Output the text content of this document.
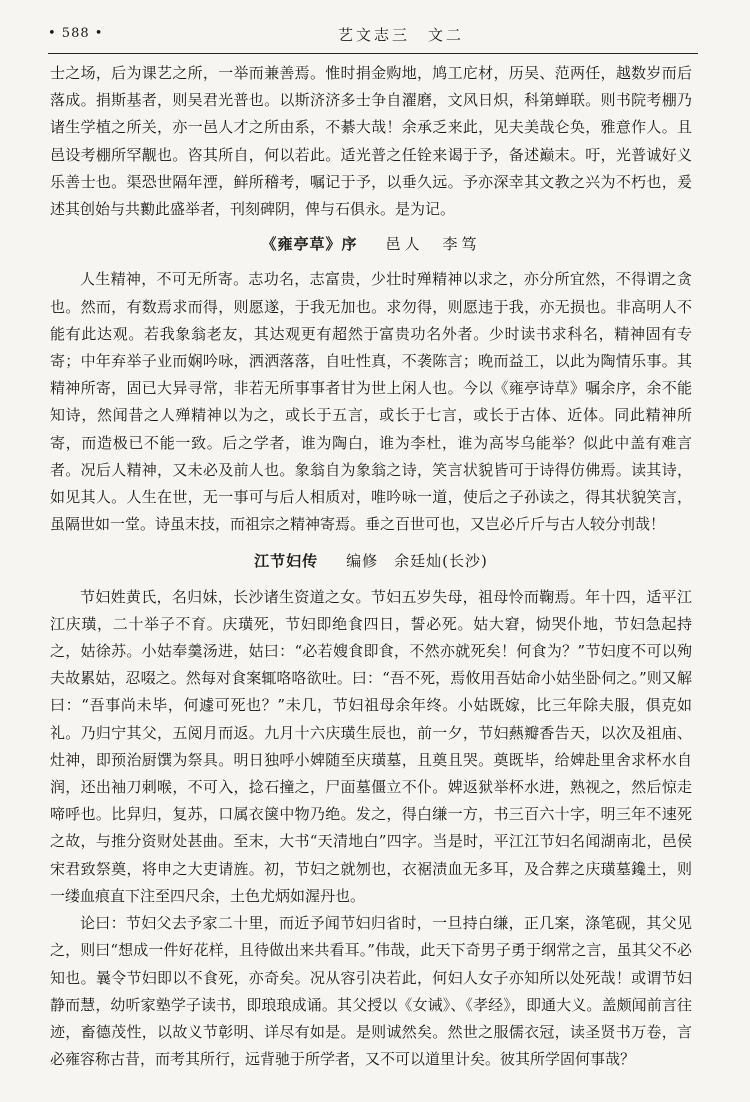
• 588 •	艺文志三　文二

士之场，后为课艺之所，一举而兼善焉。惟时捐金购地，鸠工庀材，历吴、范两任，越数岁而后落成。捐斯基者，则吴君光普也。以斯济济多士争自濯磨，文风日炽，科第蝉联。则书院考棚乃诸生学植之所关，亦一邑人才之所由系，不綦大哉！余承乏来此，见夫美哉仑奂，雅意作人。且邑设考棚所罕觏也。咨其所自，何以若此。适光普之任铨来谒于予，备述巅末。吁，光普诚好义乐善士也。渠恐世隔年湮，鲜所稽考，嘱记于予，以垂久远。予亦深幸其文教之兴为不朽也，爰述其创始与共勷此盛举者，刊刻碑阴，俾与石俱永。是为记。

《雍亭草》序 邑人　李笃

人生精神，不可无所寄。志功名，志富贵，少壮时殚精神以求之，亦分所宜然，不得谓之贪也。然而，有数焉求而得，则愿遂，于我无加也。求勿得，则愿违于我，亦无损也。非高明人不能有此达观。若我象翁老友，其达观更有超然于富贵功名外者。少时读书求科名，精神固有专寄；中年弃举子业而娴吟咏，洒洒落落，自吐性真，不袭陈言；晚而益工，以此为陶情乐事。其精神所寄，固已大异寻常，非若无所事事者甘为世上闲人也。今以《雍亭诗草》嘱余序，余不能知诗，然闻昔之人殚精神以为之，或长于五言，或长于七言，或长于古体、近体。同此精神所寄，而造极已不能一致。后之学者，谁为陶白，谁为李杜，谁为高岑乌能举？似此中盖有难言者。况后人精神，又未必及前人也。象翁自为象翁之诗，笑言状貌皆可于诗得仿佛焉。读其诗，如见其人。人生在世，无一事可与后人相质对，唯吟咏一道，使后之子孙读之，得其状貌笑言，虽隔世如一堂。诗虽末技，而祖宗之精神寄焉。垂之百世可也，又岂必斤斤与古人较分刌哉！

江节妇传 编修　余廷灿(长沙)

节妇姓黄氏，名归妹，长沙诸生资道之女。节妇五岁失母，祖母怜而鞠焉。年十四，适平江江庆璜，二十举子不育。庆璜死，节妇即绝食四日，誓必死。姑大窘，恸哭仆地，节妇急起持之，姑徐苏。小姑奉羹汤进，姑曰：“必若嫂食即食，不然亦就死矣！何食为？”节妇度不可以殉夫故累姑，忍啜之。然每对食案辄咯咯欲吐。曰：“吾不死，焉攸用吾姑命小姑坐卧伺之。”则又解曰：“吾事尚未毕，何遽可死也？”未几，节妇祖母余年终。小姑既嫁，比三年除夫服，俱克如礼。乃归宁其父，五阅月而返。九月十六庆璜生辰也，前一夕，节妇爇瓣香告天，以次及祖庙、灶神，即预治厨馔为祭具。明日独呼小婢随至庆璜墓，且奠且哭。奠既毕，给婢赴里舍求杯水自润，还出袖刀刺喉，不可入，捻石撞之，尸面墓僵立不仆。婢返狱举杯水进，熟视之，然后惊走啼呼也。比舁归，复苏，口属衣箧中物乃绝。发之，得白缣一方，书三百六十字，明三年不速死之故，与推分资财处甚曲。至末，大书“天清地白”四字。当是时，平江江节妇名闻湖南北，邑侯宋君致祭奠，将申之大吏请旌。初，节妇之就刎也，衣裾渍血无多耳，及合葬之庆璜墓鑱土，则一缕血痕直下注至四尺余，土色尤炳如渥丹也。

论曰：节妇父去予家二十里，而近予闻节妇归省时，一旦持白缣，正几案，涤笔砚，其父见之，则曰“想成一件好花样，且待做出来共看耳。”伟哉，此天下奇男子勇于纲常之言，虽其父不必知也。曩令节妇即以不食死，亦奇矣。况从容引决若此，何妇人女子亦知所以处死哉！或谓节妇静而慧，幼听家塾学子读书，即琅琅成诵。其父授以《女诫》、《孝经》，即通大义。盖颇闻前言往迹，畜德茂性，以故义节彰明、详尽有如是。是则诚然矣。然世之服儒衣冠，读圣贤书万卷，言必雍容称古昔，而考其所行，远背驰于所学者，又不可以道里计矣。彼其所学固何事哉？
